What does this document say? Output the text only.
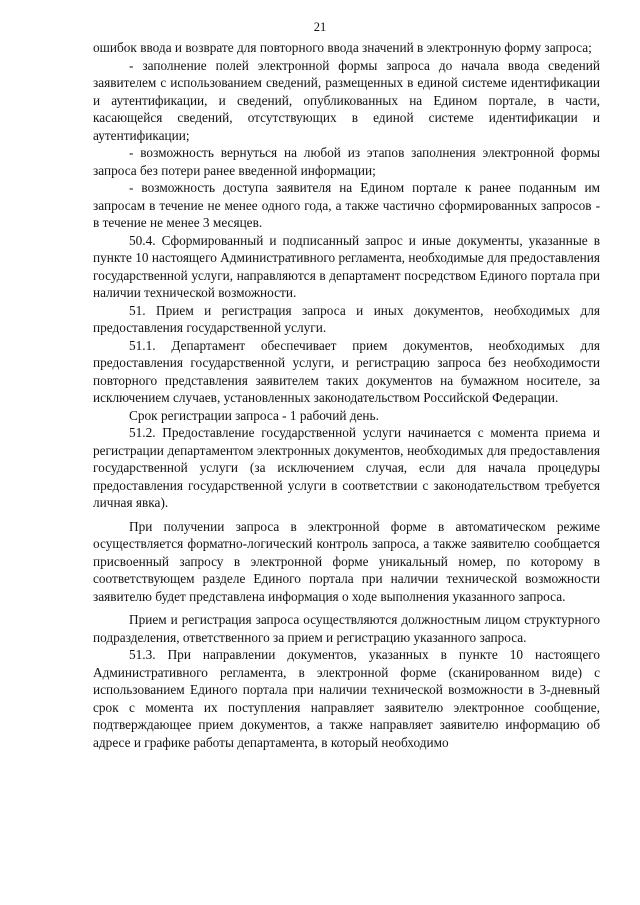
21

ошибок ввода и возврате для повторного ввода значений в электронную форму запроса;

- заполнение полей электронной формы запроса до начала ввода сведений заявителем с использованием сведений, размещенных в единой системе идентификации и аутентификации, и сведений, опубликованных на Едином портале, в части, касающейся сведений, отсутствующих в единой системе идентификации и аутентификации;

- возможность вернуться на любой из этапов заполнения электронной формы запроса без потери ранее введенной информации;

- возможность доступа заявителя на Едином портале к ранее поданным им запросам в течение не менее одного года, а также частично сформированных запросов - в течение не менее 3 месяцев.

50.4. Сформированный и подписанный запрос и иные документы, указанные в пункте 10 настоящего Административного регламента, необходимые для предоставления государственной услуги, направляются в департамент посредством Единого портала при наличии технической возможности.

51. Прием и регистрация запроса и иных документов, необходимых для предоставления государственной услуги.

51.1. Департамент обеспечивает прием документов, необходимых для предоставления государственной услуги, и регистрацию запроса без необходимости повторного представления заявителем таких документов на бумажном носителе, за исключением случаев, установленных законодательством Российской Федерации.

Срок регистрации запроса - 1 рабочий день.

51.2. Предоставление государственной услуги начинается с момента приема и регистрации департаментом электронных документов, необходимых для предоставления государственной услуги (за исключением случая, если для начала процедуры предоставления государственной услуги в соответствии с законодательством требуется личная явка).

При получении запроса в электронной форме в автоматическом режиме осуществляется форматно-логический контроль запроса, а также заявителю сообщается присвоенный запросу в электронной форме уникальный номер, по которому в соответствующем разделе Единого портала при наличии технической возможности заявителю будет представлена информация о ходе выполнения указанного запроса.

Прием и регистрация запроса осуществляются должностным лицом структурного подразделения, ответственного за прием и регистрацию указанного запроса.

51.3. При направлении документов, указанных в пункте 10 настоящего Административного регламента, в электронной форме (сканированном виде) с использованием Единого портала при наличии технической возможности в 3-дневный срок с момента их поступления направляет заявителю электронное сообщение, подтверждающее прием документов, а также направляет заявителю информацию об адресе и графике работы департамента, в который необходимо
